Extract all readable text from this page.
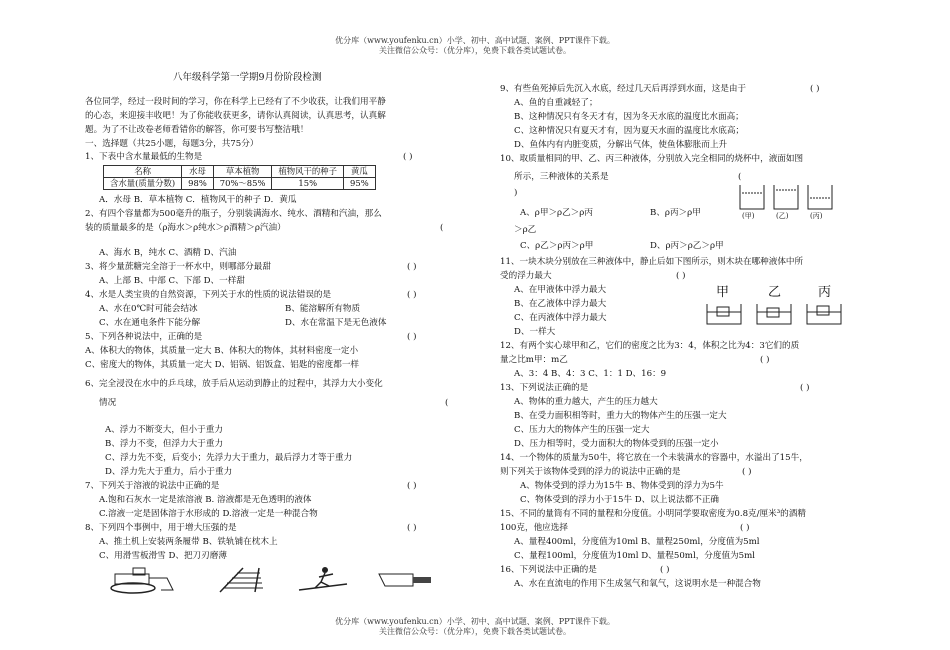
优分库（www.youfenku.cn）小学、初中、高中试题、案例、PPT课件下载。
关注微信公众号：（优分库），免费下载各类试题试卷。
八年级科学第一学期9月份阶段检测
各位同学，经过一段时间的学习，你在科学上已经有了不少收获，让我们用平静
的心态，来迎接丰收吧！为了你能收获更多，请你认真阅读，认真思考，认真解
题。为了不让改卷老师看错你的解答，你可要书写整洁哦！
一、选择题（共25小题，每题3分，共75分）
1、下表中含水量最低的生物是	( )
名称	水母	草本植物	植物风干的种子	黄瓜
含水量(质量分数)	98%	70%～85%	15%	95%
A．水母 B．草本植物 C．植物风干的种子 D．黄瓜
2、有四个容量都为500毫升的瓶子，分别装满海水、纯水、酒精和汽油，那么
装的质量最多的是（ρ海水＞ρ纯水＞ρ酒精＞ρ汽油）	(
A、海水 B，纯水 C、酒精 D、汽油
3、将少量蔗糖完全溶于一杯水中，则哪部分最甜	( )
A、上部 B、中部 C、下部 D、一样甜
4、水是人类宝贵的自然资源，下列关于水的性质的说法错误的是	( )
A、水在0℃时可能会结冰	B、能溶解所有物质
C、水在通电条件下能分解	D、水在常温下是无色液体
5、下列各种说法中，正确的是	( )
A、体积大的物体，其质量一定大 B、体积大的物体，其材料密度一定小
C、密度大的物体，其质量一定大 D、铝锅、铝饭盒、铝匙的密度都一样
6、完全浸没在水中的乒乓球，放手后从运动到静止的过程中，其浮力大小变化
情况	(
A、浮力不断变大，但小于重力
B、浮力不变，但浮力大于重力
C、浮力先不变，后变小；先浮力大于重力，最后浮力才等于重力
D、浮力先大于重力，后小于重力
7、下列关于溶液的说法中正确的是	( )
A.饱和石灰水一定是浓溶液 B. 溶液都是无色透明的液体
C.溶液一定是固体溶于水形成的 D.溶液一定是一种混合物
8、下列四个事例中，用于增大压强的是	( )
A、推土机上安装两条履带 B、铁轨铺在枕木上
C、用滑雪板滑雪 D、把刀刃磨薄
9、有些鱼死掉后先沉入水底，经过几天后再浮到水面，这是由于	( )
A、鱼的自重减轻了；
B、这种情况只有冬天才有，因为冬天水底的温度比水面高；
C、这种情况只有夏天才有，因为夏天水面的温度比水底高；
D、鱼体内有内脏变质，分解出气体，使鱼体膨胀而上升
10、取质量相同的甲、乙、丙三种液体，分别放入完全相同的烧杯中，液面如图
所示，三种液体的关系是	(
)
A、ρ甲＞ρ乙＞ρ丙	B、ρ丙＞ρ甲
＞ρ乙
C、ρ乙＞ρ丙＞ρ甲	D、ρ丙＞ρ乙＞ρ甲
(甲)	(乙)	(丙)
11、一块木块分别放在三种液体中，静止后如下图所示，则木块在哪种液体中所
受的浮力最大	( )
A、在甲液体中浮力最大
B、在乙液体中浮力最大
C、在丙液体中浮力最大
D、一样大
甲	乙	丙
12、有两个实心球甲和乙，它们的密度之比为3：4，体积之比为4：3它们的质
量之比m甲：m乙	( )
A、3：4 B、4：3 C、1：1 D、16：9
13、下列说法正确的是	( )
A、物体的重力越大，产生的压力越大
B、在受力面积相等时，重力大的物体产生的压强一定大
C、压力大的物体产生的压强一定大
D、压力相等时，受力面积大的物体受到的压强一定小
14、一个物体的质量为50牛，将它放在一个未装满水的容器中，水溢出了15牛，
则下列关于该物体受到的浮力的说法中正确的是	( )
A、物体受到的浮力为15牛 B、物体受到的浮力为5牛
C、物体受到的浮力小于15牛 D、以上说法都不正确
15、不同的量筒有不同的量程和分度值。小明同学要取密度为0.8克/厘米³的酒精
100克，他应选择	( )
A、量程400ml，分度值为10ml B、量程250ml，分度值为5ml
C、量程100ml，分度值为10ml D、量程50ml，分度值为5ml
16、下列说法中正确的是	( )
A、水在直流电的作用下生成氢气和氧气，这说明水是一种混合物
优分库（www.youfenku.cn）小学、初中、高中试题、案例、PPT课件下载。
关注微信公众号：（优分库），免费下载各类试题试卷。
